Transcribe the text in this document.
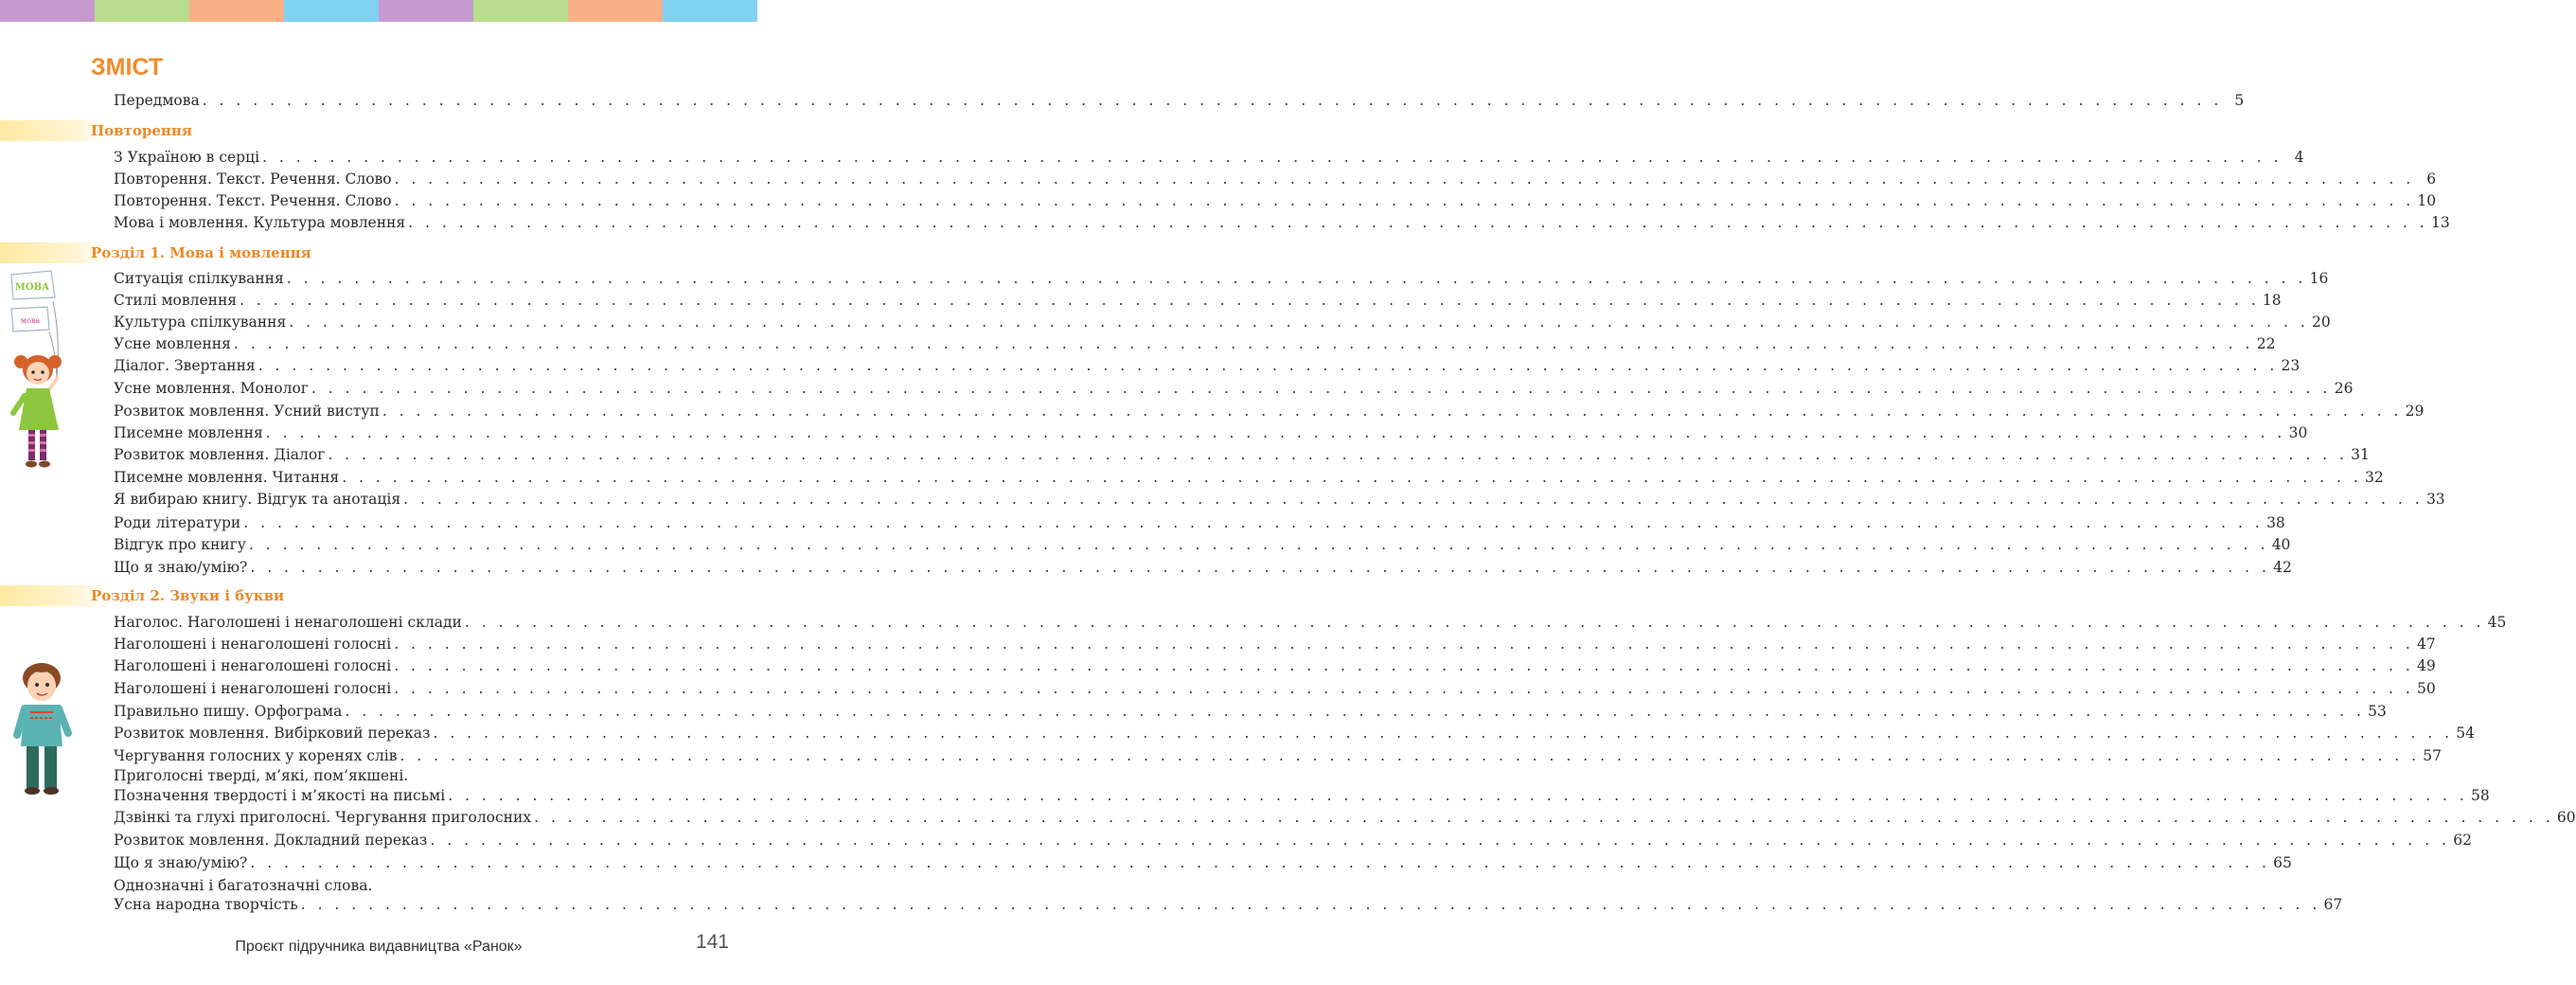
ЗМІСТ
Передмова . . . . . . . . . . . . . . . . . . . . . . . . . . . . . . . . . . . . . . . . . . . . . . . . . . . . . . . . . . . . . . . . . . . . . . . . . . . . . . . . . . . . . . . . . . . . . . . . . . . . . . . . . . . . . . . . . . . . . . . . 5
Повторення
З Україною в серці . . . . . . . . . . . . . . . . . . . . . . . . . . . . . . . . . . . . . . . . . . . . . . . . . . . . . . . . . . . . . . . . . . . . . . . . . . . . . . . . . . . . . . . . . . . . . . . . . . . . . . . . . . . . . . . . . . . . . . . . 4
Повторення. Текст. Речення. Слово . . . . . . . . . . . . . . . . . . . . . . . . . . . . . . . . . . . . . . . . . . . . . . . . . . . . . . . . . . . . . . . . . . . . . . . . . . . . . . . . . . . . . . . . . . . . . . . . . . . . . . . . . . . . . . . . . . . . . . . . 6
Повторення. Текст. Речення. Слово . . . . . . . . . . . . . . . . . . . . . . . . . . . . . . . . . . . . . . . . . . . . . . . . . . . . . . . . . . . . . . . . . . . . . . . . . . . . . . . . . . . . . . . . . . . . . . . . . . . . . . . . . . . . . . . . . . . . . . . . 10
Мова і мовлення. Культура мовлення . . . . . . . . . . . . . . . . . . . . . . . . . . . . . . . . . . . . . . . . . . . . . . . . . . . . . . . . . . . . . . . . . . . . . . . . . . . . . . . . . . . . . . . . . . . . . . . . . . . . . . . . . . . . . . . . . . . . . . . . 13
Розділ 1. Мова і мовлення
Ситуація спілкування . . . . . . . . . . . . . . . . . . . . . . . . . . . . . . . . . . . . . . . . . . . . . . . . . . . . . . . . . . . . . . . . . . . . . . . . . . . . . . . . . . . . . . . . . . . . . . . . . . . . . . . . . . . . . . . . . . . . . . . . 16
Стилі мовлення . . . . . . . . . . . . . . . . . . . . . . . . . . . . . . . . . . . . . . . . . . . . . . . . . . . . . . . . . . . . . . . . . . . . . . . . . . . . . . . . . . . . . . . . . . . . . . . . . . . . . . . . . . . . . . . . . . . . . . . . 18
Культура спілкування . . . . . . . . . . . . . . . . . . . . . . . . . . . . . . . . . . . . . . . . . . . . . . . . . . . . . . . . . . . . . . . . . . . . . . . . . . . . . . . . . . . . . . . . . . . . . . . . . . . . . . . . . . . . . . . . . . . . . . . . 20
Усне мовлення . . . . . . . . . . . . . . . . . . . . . . . . . . . . . . . . . . . . . . . . . . . . . . . . . . . . . . . . . . . . . . . . . . . . . . . . . . . . . . . . . . . . . . . . . . . . . . . . . . . . . . . . . . . . . . . . . . . . . . . . 22
Діалог. Звертання . . . . . . . . . . . . . . . . . . . . . . . . . . . . . . . . . . . . . . . . . . . . . . . . . . . . . . . . . . . . . . . . . . . . . . . . . . . . . . . . . . . . . . . . . . . . . . . . . . . . . . . . . . . . . . . . . . . . . . . . 23
Усне мовлення. Монолог . . . . . . . . . . . . . . . . . . . . . . . . . . . . . . . . . . . . . . . . . . . . . . . . . . . . . . . . . . . . . . . . . . . . . . . . . . . . . . . . . . . . . . . . . . . . . . . . . . . . . . . . . . . . . . . . . . . . . . . . 26
Розвиток мовлення. Усний виступ . . . . . . . . . . . . . . . . . . . . . . . . . . . . . . . . . . . . . . . . . . . . . . . . . . . . . . . . . . . . . . . . . . . . . . . . . . . . . . . . . . . . . . . . . . . . . . . . . . . . . . . . . . . . . . . . . . . . . . . . 29
Писемне мовлення . . . . . . . . . . . . . . . . . . . . . . . . . . . . . . . . . . . . . . . . . . . . . . . . . . . . . . . . . . . . . . . . . . . . . . . . . . . . . . . . . . . . . . . . . . . . . . . . . . . . . . . . . . . . . . . . . . . . . . . . 30
Розвиток мовлення. Діалог . . . . . . . . . . . . . . . . . . . . . . . . . . . . . . . . . . . . . . . . . . . . . . . . . . . . . . . . . . . . . . . . . . . . . . . . . . . . . . . . . . . . . . . . . . . . . . . . . . . . . . . . . . . . . . . . . . . . . . . . 31
Писемне мовлення. Читання . . . . . . . . . . . . . . . . . . . . . . . . . . . . . . . . . . . . . . . . . . . . . . . . . . . . . . . . . . . . . . . . . . . . . . . . . . . . . . . . . . . . . . . . . . . . . . . . . . . . . . . . . . . . . . . . . . . . . . . . 32
Я вибираю книгу. Відгук та анотація . . . . . . . . . . . . . . . . . . . . . . . . . . . . . . . . . . . . . . . . . . . . . . . . . . . . . . . . . . . . . . . . . . . . . . . . . . . . . . . . . . . . . . . . . . . . . . . . . . . . . . . . . . . . . . . . . . . . . . . . 33
Роди літератури . . . . . . . . . . . . . . . . . . . . . . . . . . . . . . . . . . . . . . . . . . . . . . . . . . . . . . . . . . . . . . . . . . . . . . . . . . . . . . . . . . . . . . . . . . . . . . . . . . . . . . . . . . . . . . . . . . . . . . . . 38
Відгук про книгу . . . . . . . . . . . . . . . . . . . . . . . . . . . . . . . . . . . . . . . . . . . . . . . . . . . . . . . . . . . . . . . . . . . . . . . . . . . . . . . . . . . . . . . . . . . . . . . . . . . . . . . . . . . . . . . . . . . . . . . . 40
Що я знаю/умію? . . . . . . . . . . . . . . . . . . . . . . . . . . . . . . . . . . . . . . . . . . . . . . . . . . . . . . . . . . . . . . . . . . . . . . . . . . . . . . . . . . . . . . . . . . . . . . . . . . . . . . . . . . . . . . . . . . . . . . . . 42
Розділ 2. Звуки і букви
Наголос. Наголошені і ненаголошені склади . . . . . . . . . . . . . . . . . . . . . . . . . . . . . . . . . . . . . . . . . . . . . . . . . . . . . . . . . . . . . . . . . . . . . . . . . . . . . . . . . . . . . . . . . . . . . . . . . . . . . . . . . . . . . . . . . . . . . . . . 45
Наголошені і ненаголошені голосні . . . . . . . . . . . . . . . . . . . . . . . . . . . . . . . . . . . . . . . . . . . . . . . . . . . . . . . . . . . . . . . . . . . . . . . . . . . . . . . . . . . . . . . . . . . . . . . . . . . . . . . . . . . . . . . . . . . . . . . . 47
Наголошені і ненаголошені голосні . . . . . . . . . . . . . . . . . . . . . . . . . . . . . . . . . . . . . . . . . . . . . . . . . . . . . . . . . . . . . . . . . . . . . . . . . . . . . . . . . . . . . . . . . . . . . . . . . . . . . . . . . . . . . . . . . . . . . . . . 49
Наголошені і ненаголошені голосні . . . . . . . . . . . . . . . . . . . . . . . . . . . . . . . . . . . . . . . . . . . . . . . . . . . . . . . . . . . . . . . . . . . . . . . . . . . . . . . . . . . . . . . . . . . . . . . . . . . . . . . . . . . . . . . . . . . . . . . . 50
Правильно пишу. Орфограма . . . . . . . . . . . . . . . . . . . . . . . . . . . . . . . . . . . . . . . . . . . . . . . . . . . . . . . . . . . . . . . . . . . . . . . . . . . . . . . . . . . . . . . . . . . . . . . . . . . . . . . . . . . . . . . . . . . . . . . . 53
Розвиток мовлення. Вибірковий переказ . . . . . . . . . . . . . . . . . . . . . . . . . . . . . . . . . . . . . . . . . . . . . . . . . . . . . . . . . . . . . . . . . . . . . . . . . . . . . . . . . . . . . . . . . . . . . . . . . . . . . . . . . . . . . . . . . . . . . . . . 54
Чергування голосних у коренях слів . . . . . . . . . . . . . . . . . . . . . . . . . . . . . . . . . . . . . . . . . . . . . . . . . . . . . . . . . . . . . . . . . . . . . . . . . . . . . . . . . . . . . . . . . . . . . . . . . . . . . . . . . . . . . . . . . . . . . . . . 57
Приголосні тверді, м’які, пом’якшені.
Позначення твердості і м’якості на письмі . . . . . . . . . . . . . . . . . . . . . . . . . . . . . . . . . . . . . . . . . . . . . . . . . . . . . . . . . . . . . . . . . . . . . . . . . . . . . . . . . . . . . . . . . . . . . . . . . . . . . . . . . . . . . . . . . . . . . . . . 58
Дзвінкі та глухі приголосні. Чергування приголосних . . . . . . . . . . . . . . . . . . . . . . . . . . . . . . . . . . . . . . . . . . . . . . . . . . . . . . . . . . . . . . . . . . . . . . . . . . . . . . . . . . . . . . . . . . . . . . . . . . . . . . . . . . . . . . . . . . . . . . . . 60
Розвиток мовлення. Докладний переказ . . . . . . . . . . . . . . . . . . . . . . . . . . . . . . . . . . . . . . . . . . . . . . . . . . . . . . . . . . . . . . . . . . . . . . . . . . . . . . . . . . . . . . . . . . . . . . . . . . . . . . . . . . . . . . . . . . . . . . . . 62
Що я знаю/умію? . . . . . . . . . . . . . . . . . . . . . . . . . . . . . . . . . . . . . . . . . . . . . . . . . . . . . . . . . . . . . . . . . . . . . . . . . . . . . . . . . . . . . . . . . . . . . . . . . . . . . . . . . . . . . . . . . . . . . . . . 65
Однозначні і багатозначні слова.
Усна народна творчість . . . . . . . . . . . . . . . . . . . . . . . . . . . . . . . . . . . . . . . . . . . . . . . . . . . . . . . . . . . . . . . . . . . . . . . . . . . . . . . . . . . . . . . . . . . . . . . . . . . . . . . . . . . . . . . . . . . . . . . . 67
МОВА
мова
Проєкт підручника видавництва «Ранок»	141
